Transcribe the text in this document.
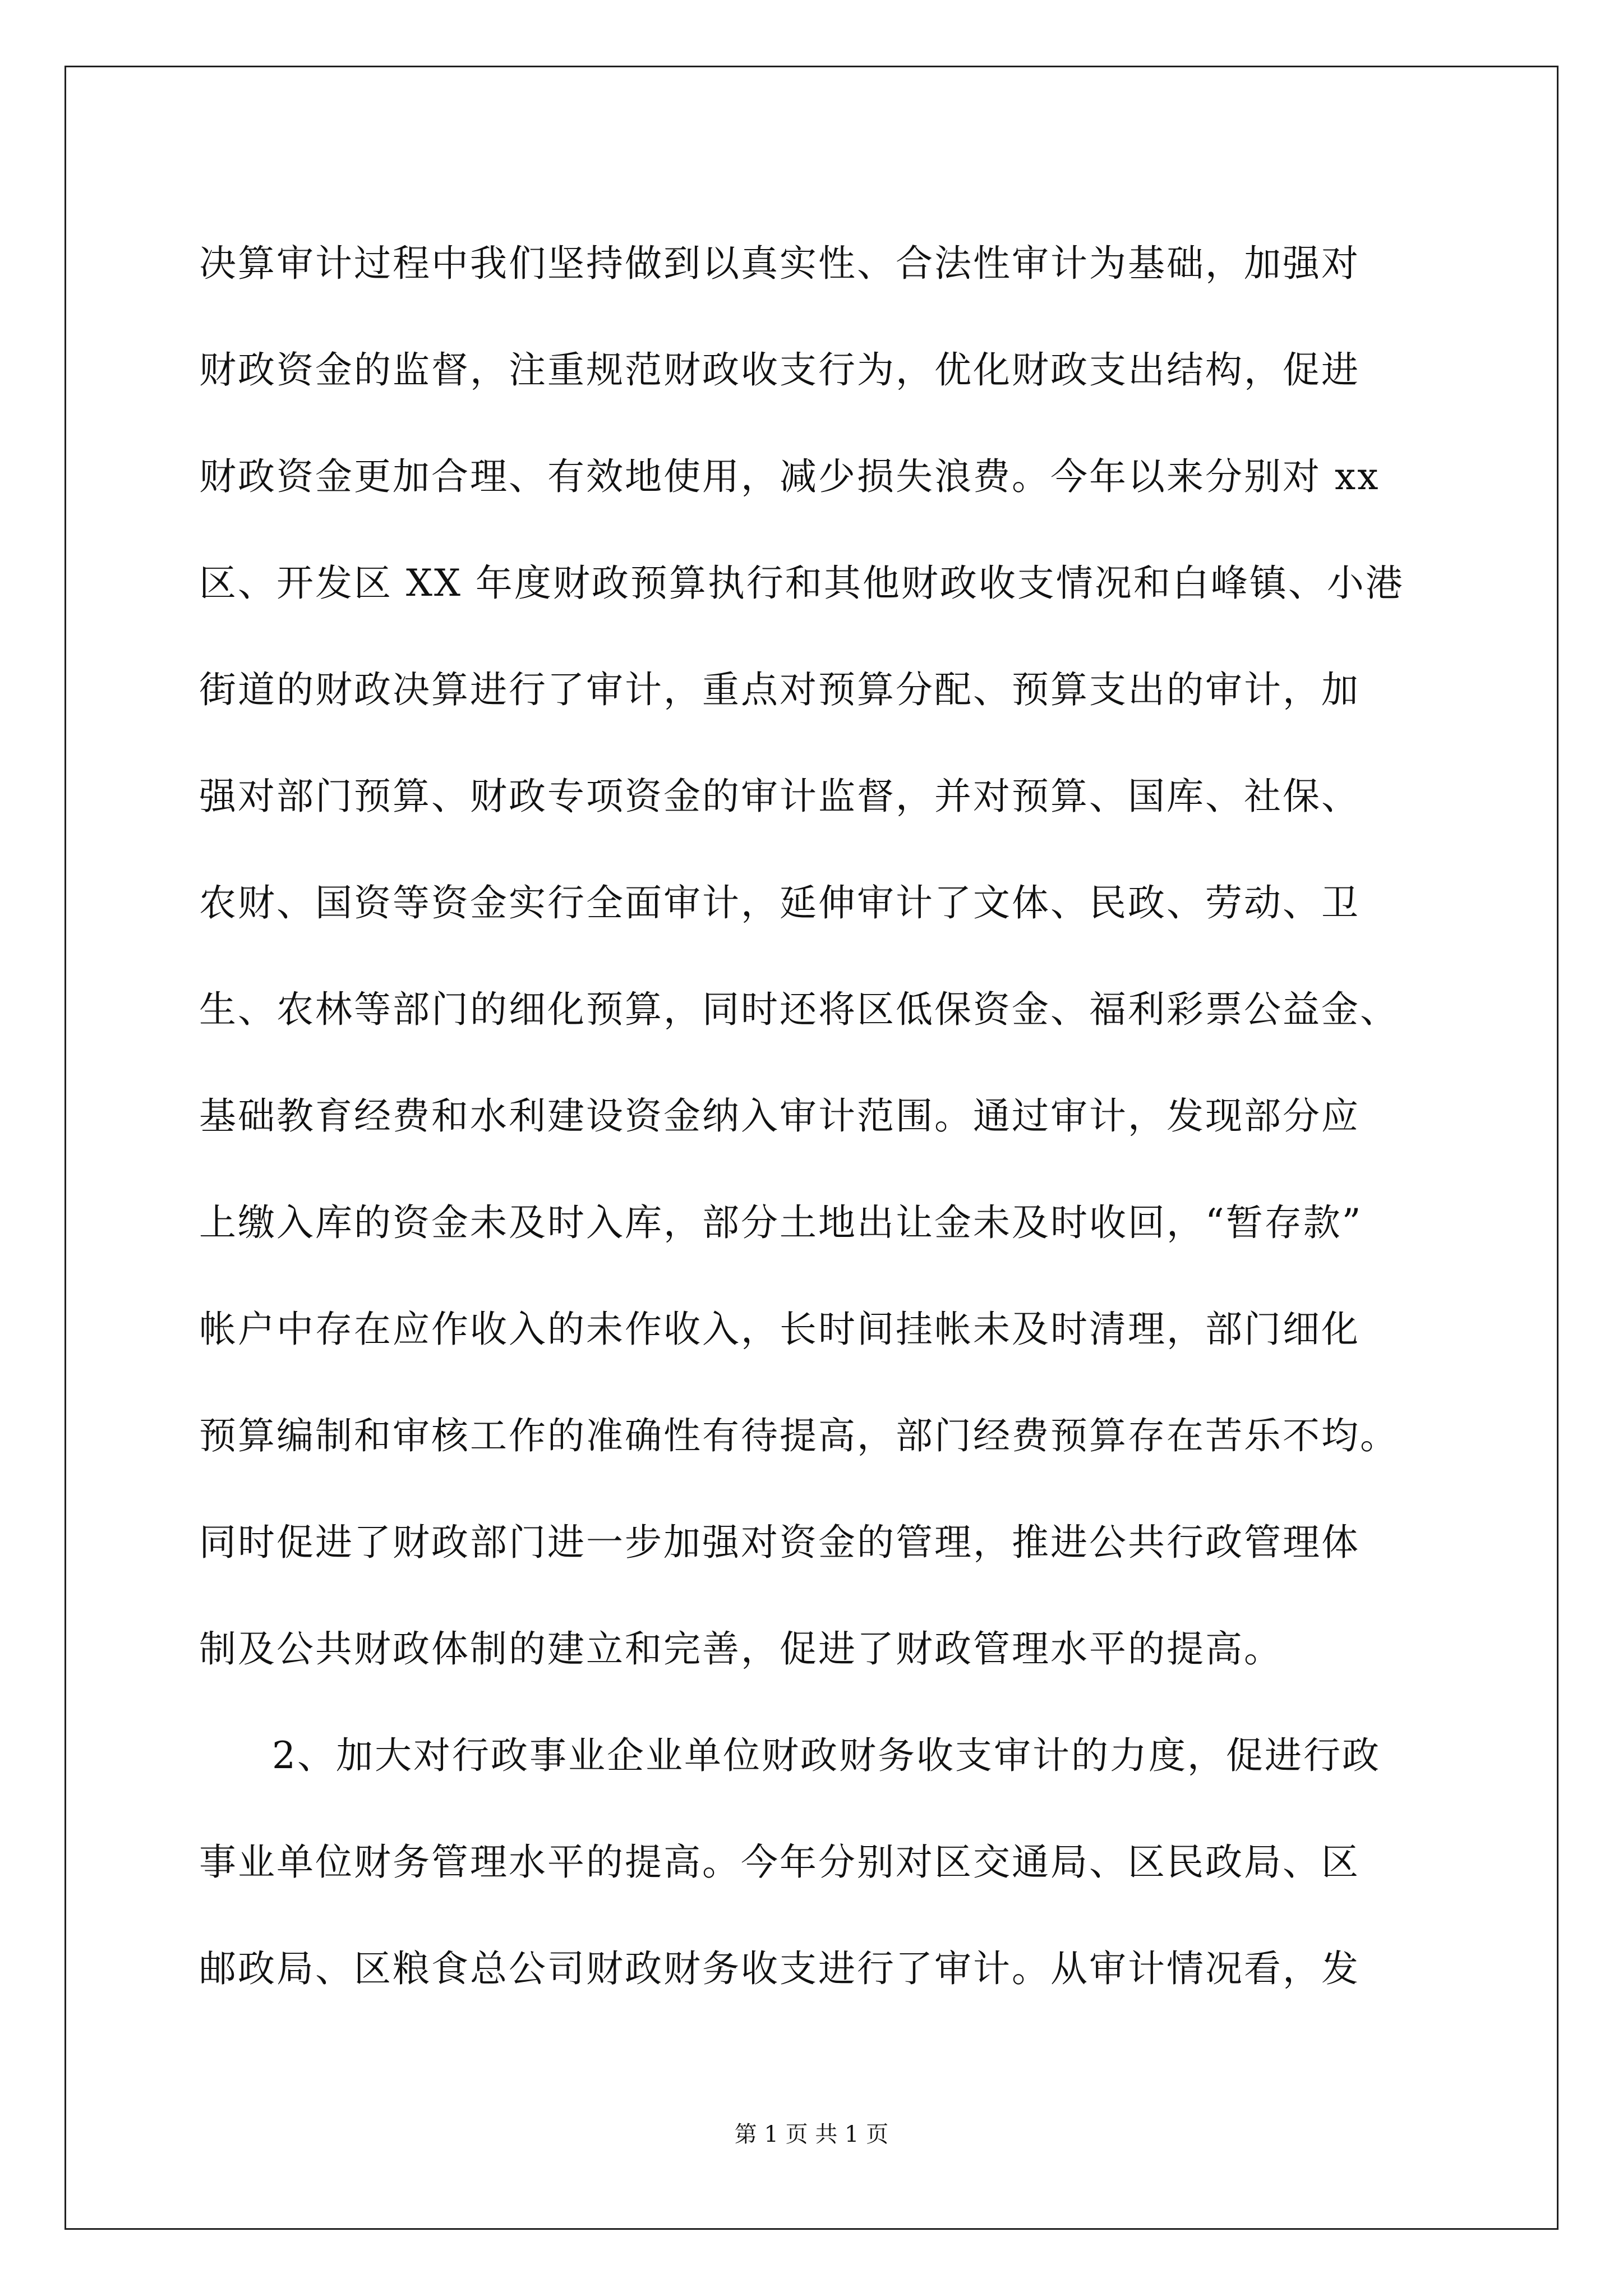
决算审计过程中我们坚持做到以真实性、合法性审计为基础，加强对
财政资金的监督，注重规范财政收支行为，优化财政支出结构，促进
财政资金更加合理、有效地使用，减少损失浪费。今年以来分别对 xx
区、开发区 XX 年度财政预算执行和其他财政收支情况和白峰镇、小港
街道的财政决算进行了审计，重点对预算分配、预算支出的审计，加
强对部门预算、财政专项资金的审计监督，并对预算、国库、社保、
农财、国资等资金实行全面审计，延伸审计了文体、民政、劳动、卫
生、农林等部门的细化预算，同时还将区低保资金、福利彩票公益金、
基础教育经费和水利建设资金纳入审计范围。通过审计，发现部分应
上缴入库的资金未及时入库，部分土地出让金未及时收回，“暂存款”
帐户中存在应作收入的未作收入，长时间挂帐未及时清理，部门细化
预算编制和审核工作的准确性有待提高，部门经费预算存在苦乐不均。
同时促进了财政部门进一步加强对资金的管理，推进公共行政管理体
制及公共财政体制的建立和完善，促进了财政管理水平的提高。
2、加大对行政事业企业单位财政财务收支审计的力度，促进行政
事业单位财务管理水平的提高。今年分别对区交通局、区民政局、区
邮政局、区粮食总公司财政财务收支进行了审计。从审计情况看，发
第 1 页 共 1 页
